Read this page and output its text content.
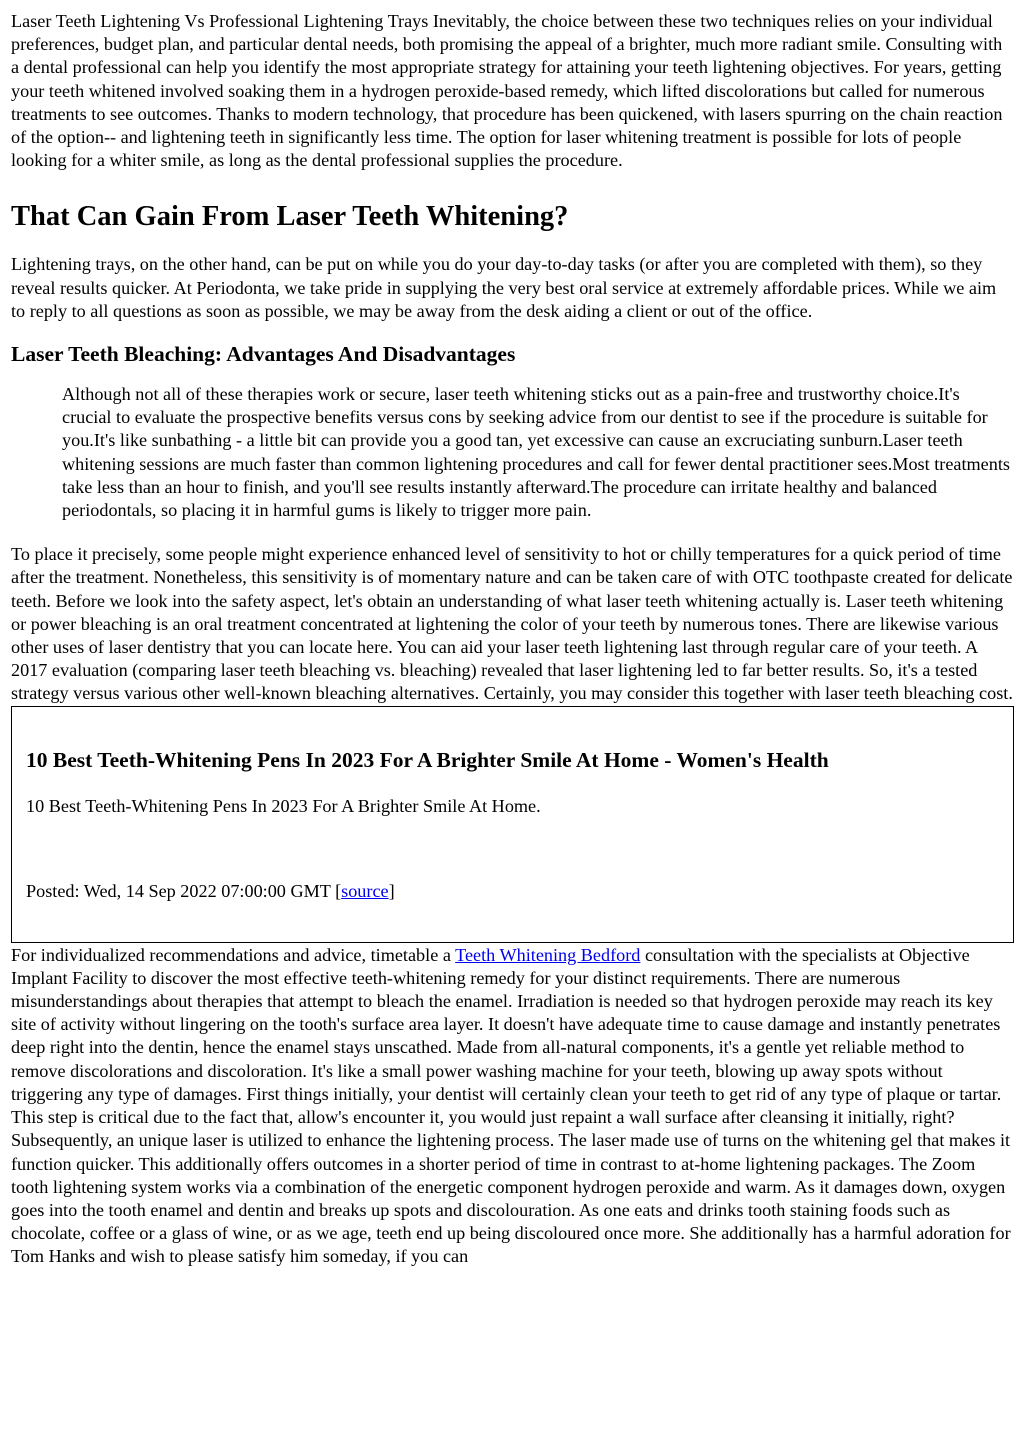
Laser Teeth Lightening Vs Professional Lightening Trays Inevitably, the choice between these two techniques relies on your individual preferences, budget plan, and particular dental needs, both promising the appeal of a brighter, much more radiant smile. Consulting with a dental professional can help you identify the most appropriate strategy for attaining your teeth lightening objectives. For years, getting your teeth whitened involved soaking them in a hydrogen peroxide-based remedy, which lifted discolorations but called for numerous treatments to see outcomes. Thanks to modern technology, that procedure has been quickened, with lasers spurring on the chain reaction of the option-- and lightening teeth in significantly less time. The option for laser whitening treatment is possible for lots of people looking for a whiter smile, as long as the dental professional supplies the procedure.

That Can Gain From Laser Teeth Whitening?

Lightening trays, on the other hand, can be put on while you do your day-to-day tasks (or after you are completed with them), so they reveal results quicker. At Periodonta, we take pride in supplying the very best oral service at extremely affordable prices. While we aim to reply to all questions as soon as possible, we may be away from the desk aiding a client or out of the office.

Laser Teeth Bleaching: Advantages And Disadvantages

Although not all of these therapies work or secure, laser teeth whitening sticks out as a pain-free and trustworthy choice.It's crucial to evaluate the prospective benefits versus cons by seeking advice from our dentist to see if the procedure is suitable for you.It's like sunbathing - a little bit can provide you a good tan, yet excessive can cause an excruciating sunburn.Laser teeth whitening sessions are much faster than common lightening procedures and call for fewer dental practitioner sees.Most treatments take less than an hour to finish, and you'll see results instantly afterward.The procedure can irritate healthy and balanced periodontals, so placing it in harmful gums is likely to trigger more pain.

To place it precisely, some people might experience enhanced level of sensitivity to hot or chilly temperatures for a quick period of time after the treatment. Nonetheless, this sensitivity is of momentary nature and can be taken care of with OTC toothpaste created for delicate teeth. Before we look into the safety aspect, let's obtain an understanding of what laser teeth whitening actually is. Laser teeth whitening or power bleaching is an oral treatment concentrated at lightening the color of your teeth by numerous tones. There are likewise various other uses of laser dentistry that you can locate here. You can aid your laser teeth lightening last through regular care of your teeth. A 2017 evaluation (comparing laser teeth bleaching vs. bleaching) revealed that laser lightening led to far better results. So, it's a tested strategy versus various other well-known bleaching alternatives. Certainly, you may consider this together with laser teeth bleaching cost.

10 Best Teeth-Whitening Pens In 2023 For A Brighter Smile At Home - Women's Health

10 Best Teeth-Whitening Pens In 2023 For A Brighter Smile At Home.

Posted: Wed, 14 Sep 2022 07:00:00 GMT [source]

For individualized recommendations and advice, timetable a Teeth Whitening Bedford consultation with the specialists at Objective Implant Facility to discover the most effective teeth-whitening remedy for your distinct requirements. There are numerous misunderstandings about therapies that attempt to bleach the enamel. Irradiation is needed so that hydrogen peroxide may reach its key site of activity without lingering on the tooth's surface area layer. It doesn't have adequate time to cause damage and instantly penetrates deep right into the dentin, hence the enamel stays unscathed. Made from all-natural components, it's a gentle yet reliable method to remove discolorations and discoloration. It's like a small power washing machine for your teeth, blowing up away spots without triggering any type of damages. First things initially, your dentist will certainly clean your teeth to get rid of any type of plaque or tartar. This step is critical due to the fact that, allow's encounter it, you would just repaint a wall surface after cleansing it initially, right? Subsequently, an unique laser is utilized to enhance the lightening process. The laser made use of turns on the whitening gel that makes it function quicker. This additionally offers outcomes in a shorter period of time in contrast to at-home lightening packages. The Zoom tooth lightening system works via a combination of the energetic component hydrogen peroxide and warm. As it damages down, oxygen goes into the tooth enamel and dentin and breaks up spots and discolouration. As one eats and drinks tooth staining foods such as chocolate, coffee or a glass of wine, or as we age, teeth end up being discoloured once more. She additionally has a harmful adoration for Tom Hanks and wish to please satisfy him someday, if you can
